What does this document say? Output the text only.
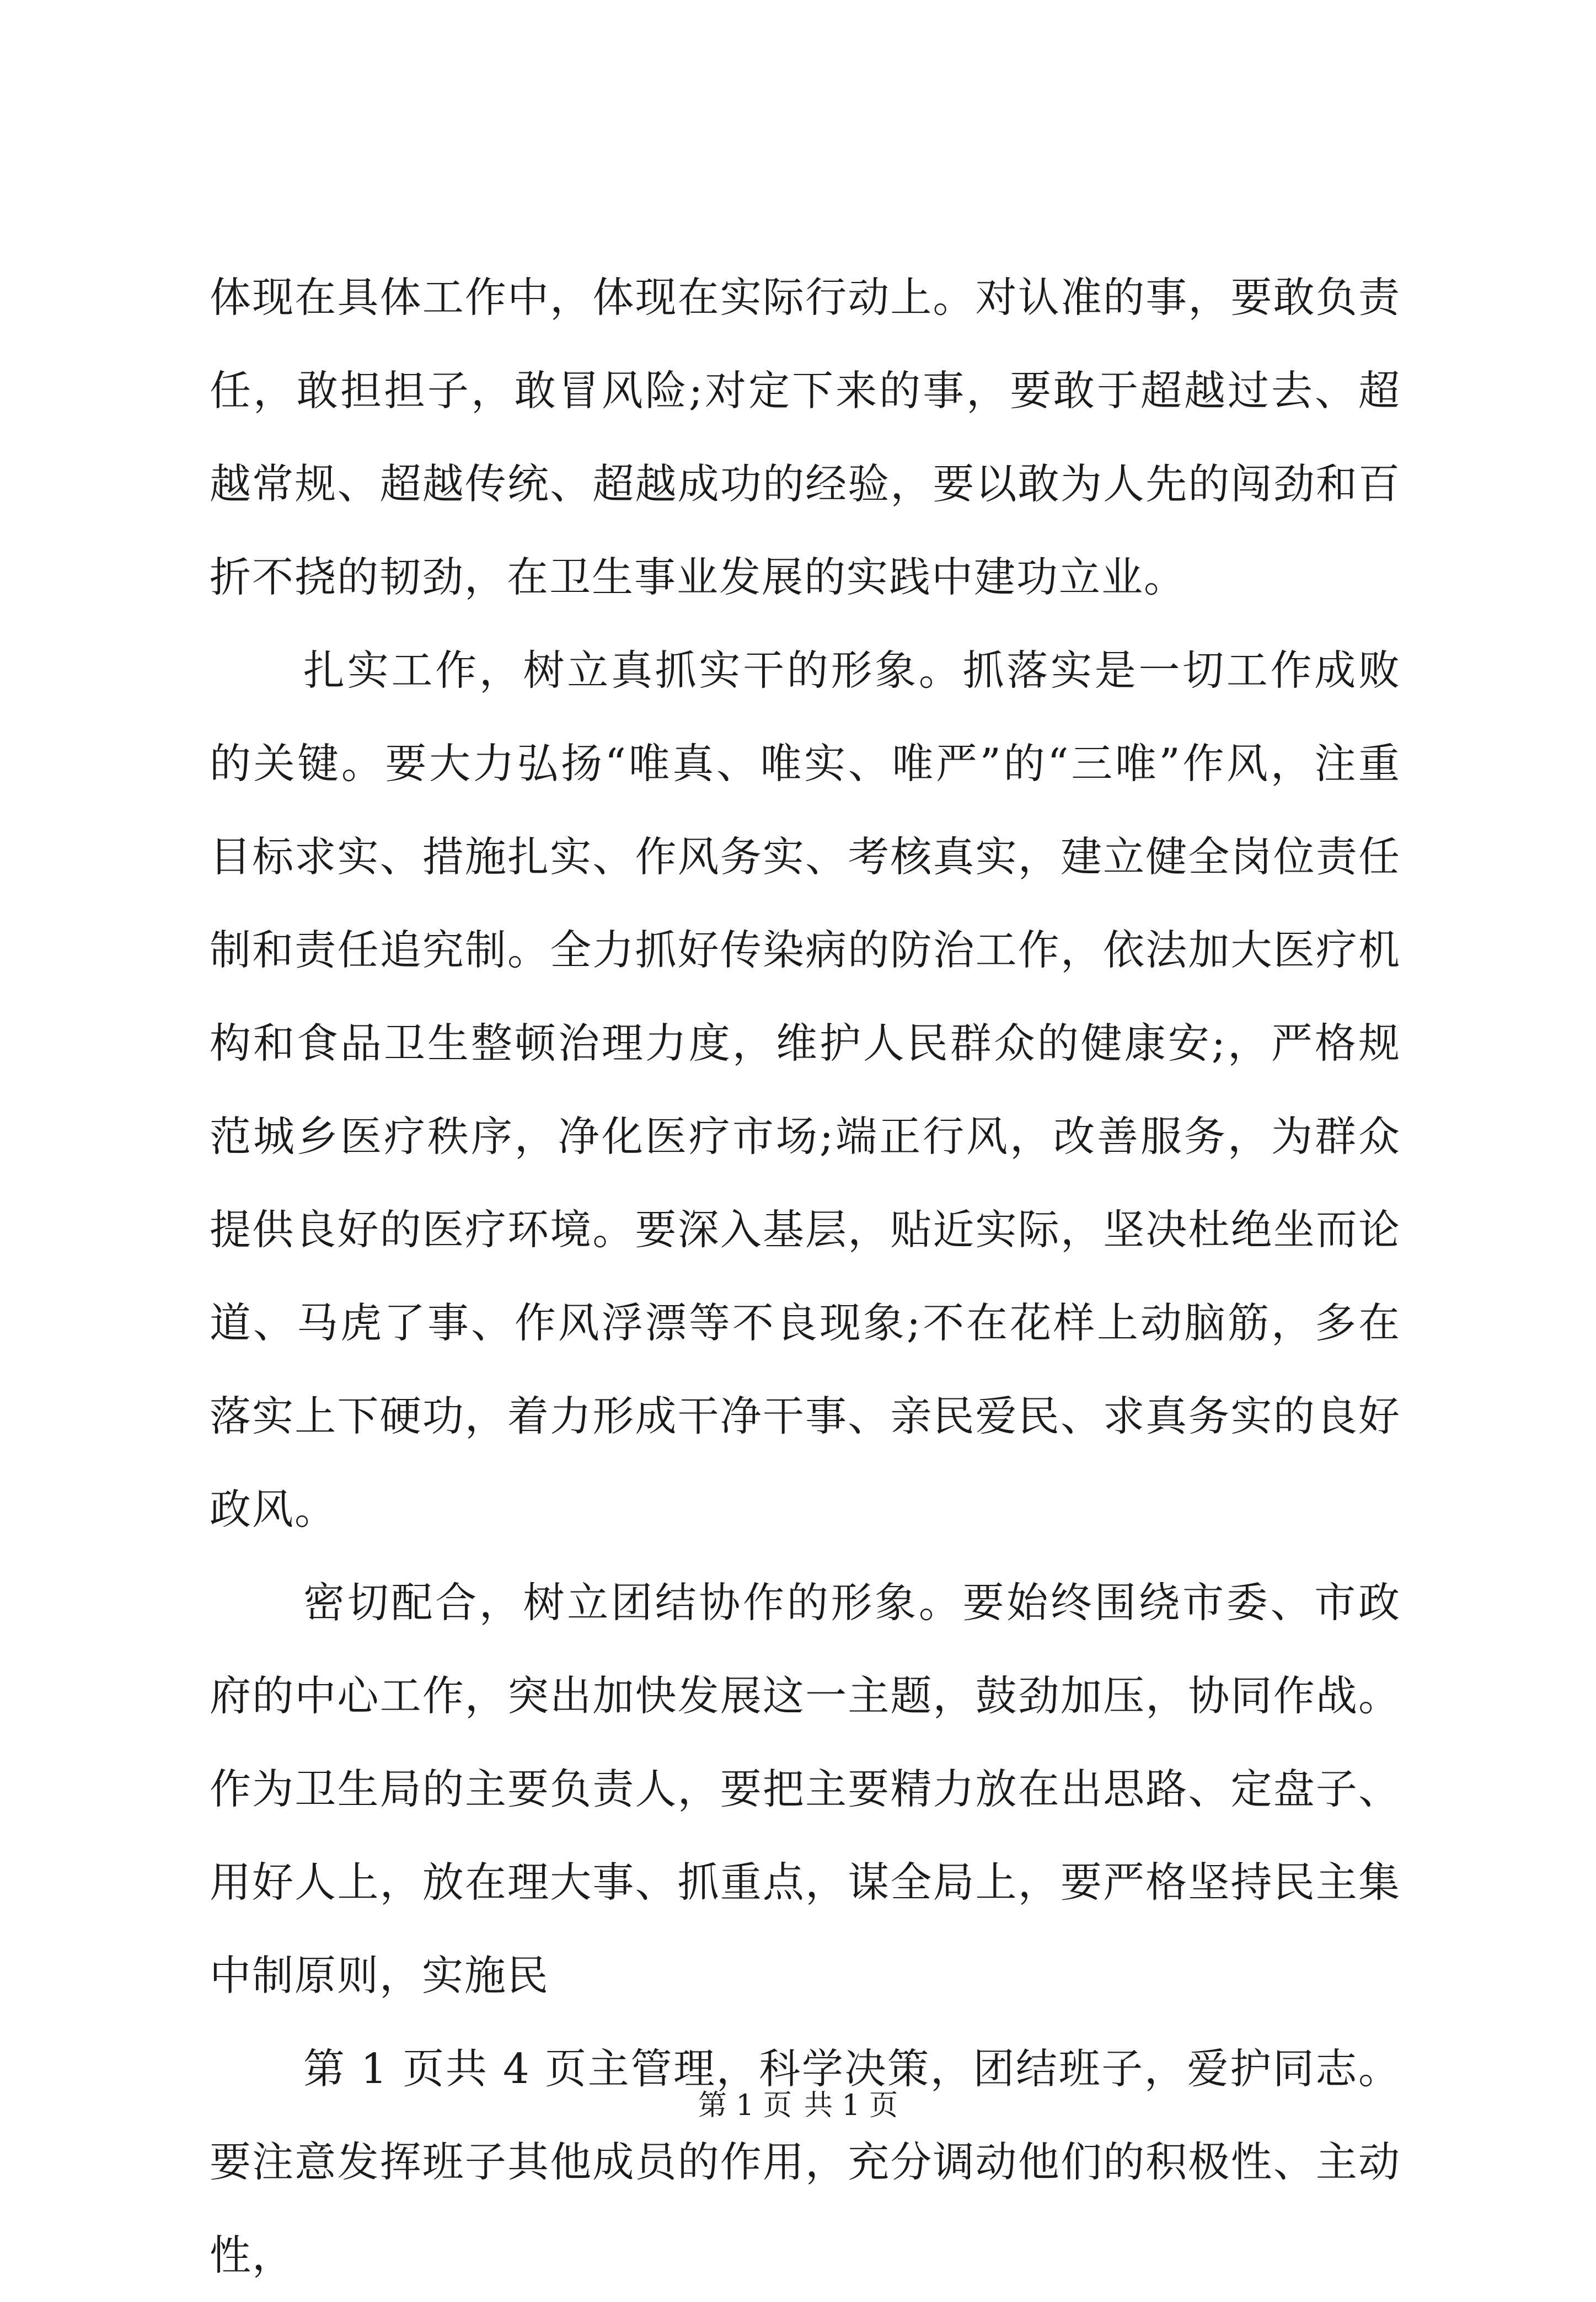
体现在具体工作中，体现在实际行动上。对认准的事，要敢负责任，敢担担子，敢冒风险;对定下来的事，要敢于超越过去、超越常规、超越传统、超越成功的经验，要以敢为人先的闯劲和百折不挠的韧劲，在卫生事业发展的实践中建功立业。

扎实工作，树立真抓实干的形象。抓落实是一切工作成败的关键。要大力弘扬“唯真、唯实、唯严”的“三唯”作风，注重目标求实、措施扎实、作风务实、考核真实，建立健全岗位责任制和责任追究制。全力抓好传染病的防治工作，依法加大医疗机构和食品卫生整顿治理力度，维护人民群众的健康安;，严格规范城乡医疗秩序，净化医疗市场;端正行风，改善服务，为群众提供良好的医疗环境。要深入基层，贴近实际，坚决杜绝坐而论道、马虎了事、作风浮漂等不良现象;不在花样上动脑筋，多在落实上下硬功，着力形成干净干事、亲民爱民、求真务实的良好政风。

密切配合，树立团结协作的形象。要始终围绕市委、市政府的中心工作，突出加快发展这一主题，鼓劲加压，协同作战。作为卫生局的主要负责人，要把主要精力放在出思路、定盘子、用好人上，放在理大事、抓重点，谋全局上，要严格坚持民主集中制原则，实施民

第 1 页共 4 页主管理，科学决策，团结班子，爱护同志。要注意发挥班子其他成员的作用，充分调动他们的积极性、主动性，

第 1 页 共 1 页
